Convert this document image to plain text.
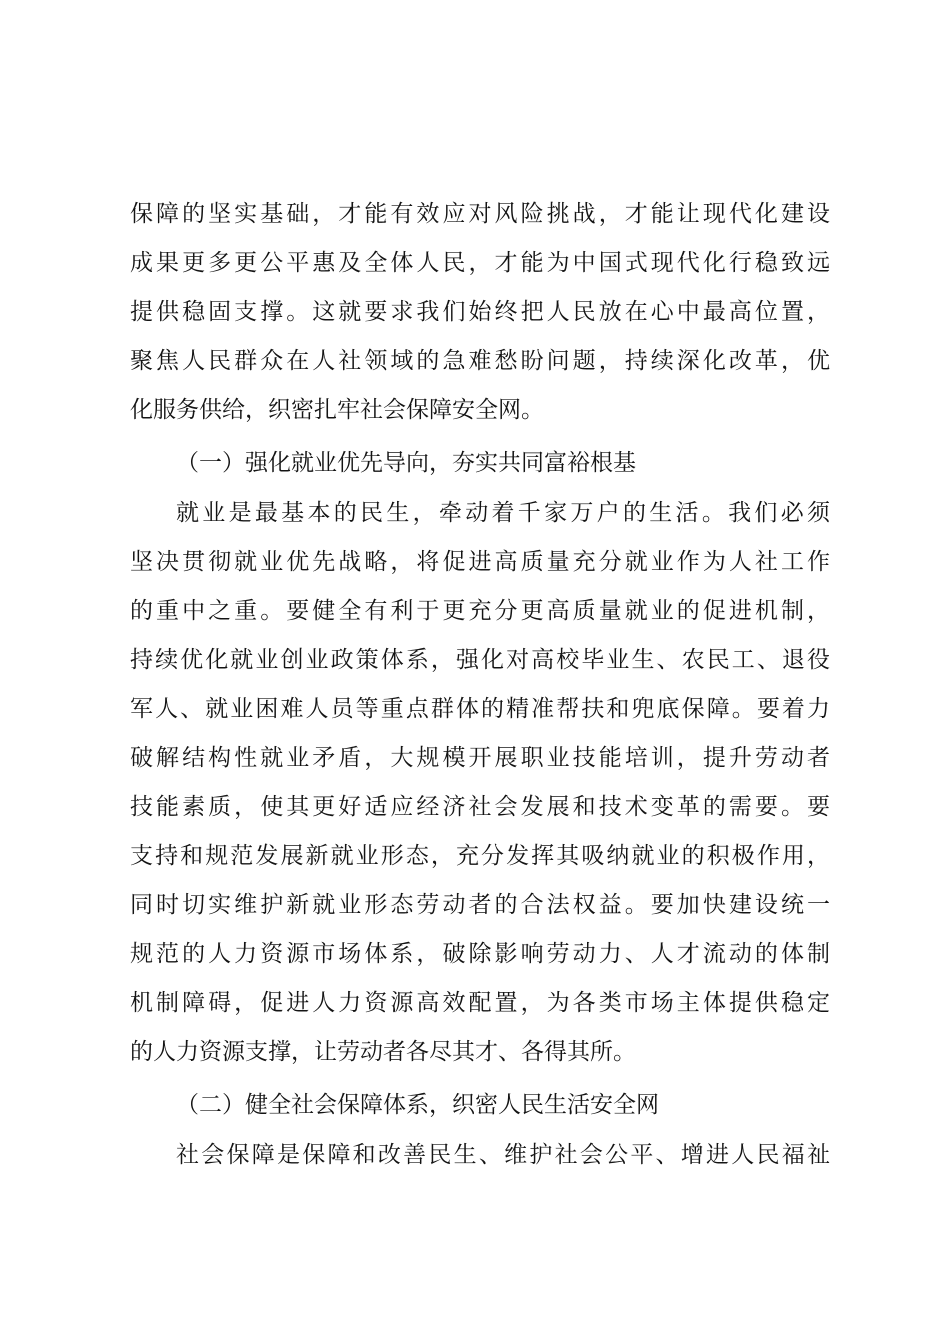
保障的坚实基础，才能有效应对风险挑战，才能让现代化建设
成果更多更公平惠及全体人民，才能为中国式现代化行稳致远
提供稳固支撑。这就要求我们始终把人民放在心中最高位置，
聚焦人民群众在人社领域的急难愁盼问题，持续深化改革，优
化服务供给，织密扎牢社会保障安全网。
（一）强化就业优先导向，夯实共同富裕根基
就业是最基本的民生，牵动着千家万户的生活。我们必须
坚决贯彻就业优先战略，将促进高质量充分就业作为人社工作
的重中之重。要健全有利于更充分更高质量就业的促进机制，
持续优化就业创业政策体系，强化对高校毕业生、农民工、退役
军人、就业困难人员等重点群体的精准帮扶和兜底保障。要着力
破解结构性就业矛盾，大规模开展职业技能培训，提升劳动者
技能素质，使其更好适应经济社会发展和技术变革的需要。要
支持和规范发展新就业形态，充分发挥其吸纳就业的积极作用，
同时切实维护新就业形态劳动者的合法权益。要加快建设统一
规范的人力资源市场体系，破除影响劳动力、人才流动的体制
机制障碍，促进人力资源高效配置，为各类市场主体提供稳定
的人力资源支撑，让劳动者各尽其才、各得其所。
（二）健全社会保障体系，织密人民生活安全网
社会保障是保障和改善民生、维护社会公平、增进人民福祉
